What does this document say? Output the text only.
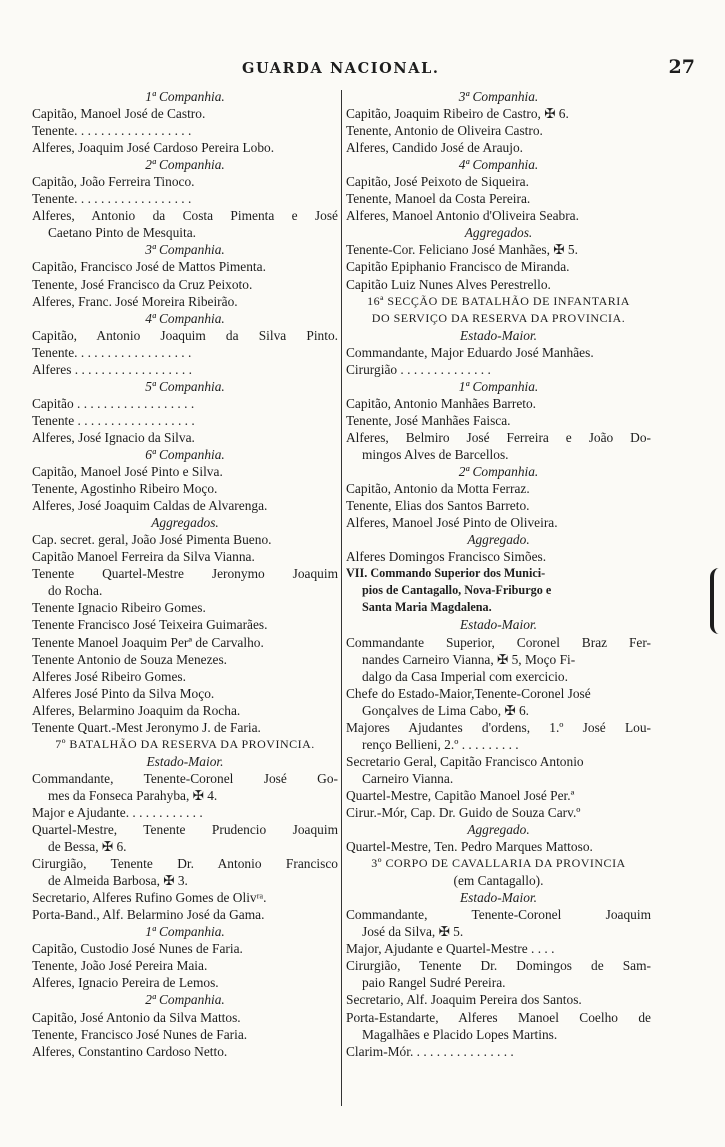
GUARDA NACIONAL.	27
1ª Companhia.
Capitão, Manoel José de Castro.
Tenente. . . . . . . . . . . . . . . . . .
Alferes, Joaquim José Cardoso Pereira Lobo.
2ª Companhia.
Capitão, João Ferreira Tinoco.
Tenente. . . . . . . . . . . . . . . . . .
Alferes, Antonio da Costa Pimenta e José
Caetano Pinto de Mesquita.
3ª Companhia.
Capitão, Francisco José de Mattos Pimenta.
Tenente, José Francisco da Cruz Peixoto.
Alferes, Franc. José Moreira Ribeirão.
4ª Companhia.
Capitão, Antonio Joaquim da Silva Pinto.
Tenente. . . . . . . . . . . . . . . . . .
Alferes . . . . . . . . . . . . . . . . . .
5ª Companhia.
Capitão . . . . . . . . . . . . . . . . . .
Tenente . . . . . . . . . . . . . . . . . .
Alferes, José Ignacio da Silva.
6ª Companhia.
Capitão, Manoel José Pinto e Silva.
Tenente, Agostinho Ribeiro Moço.
Alferes, José Joaquim Caldas de Alvarenga.
Aggregados.
Cap. secret. geral, João José Pimenta Bueno.
Capitão Manoel Ferreira da Silva Vianna.
Tenente Quartel-Mestre Jeronymo Joaquim
do Rocha.
Tenente Ignacio Ribeiro Gomes.
Tenente Francisco José Teixeira Guimarães.
Tenente Manoel Joaquim Perª de Carvalho.
Tenente Antonio de Souza Menezes.
Alferes José Ribeiro Gomes.
Alferes José Pinto da Silva Moço.
Alferes, Belarmino Joaquim da Rocha.
Tenente Quart.-Mest Jeronymo J. de Faria.
7º BATALHÃO DA RESERVA DA PROVINCIA.
Estado-Maior.
Commandante, Tenente-Coronel José Go-
mes da Fonseca Parahyba, ✠ 4.
Major e Ajudante. . . . . . . . . . . .
Quartel-Mestre, Tenente Prudencio Joaquim
de Bessa, ✠ 6.
Cirurgião, Tenente Dr. Antonio Francisco
de Almeida Barbosa, ✠ 3.
Secretario, Alferes Rufino Gomes de Olivʳᵃ.
Porta-Band., Alf. Belarmino José da Gama.
1ª Companhia.
Capitão, Custodio José Nunes de Faria.
Tenente, João José Pereira Maia.
Alferes, Ignacio Pereira de Lemos.
2ª Companhia.
Capitão, José Antonio da Silva Mattos.
Tenente, Francisco José Nunes de Faria.
Alferes, Constantino Cardoso Netto.
3ª Companhia.
Capitão, Joaquim Ribeiro de Castro, ✠ 6.
Tenente, Antonio de Oliveira Castro.
Alferes, Candido José de Araujo.
4ª Companhia.
Capitão, José Peixoto de Siqueira.
Tenente, Manoel da Costa Pereira.
Alferes, Manoel Antonio d'Oliveira Seabra.
Aggregados.
Tenente-Cor. Feliciano José Manhães, ✠ 5.
Capitão Epiphanio Francisco de Miranda.
Capitão Luiz Nunes Alves Perestrello.
16ª SECÇÃO DE BATALHÃO DE INFANTARIA
DO SERVIÇO DA RESERVA DA PROVINCIA.
Estado-Maior.
Commandante, Major Eduardo José Manhães.
Cirurgião . . . . . . . . . . . . . .
1ª Companhia.
Capitão, Antonio Manhães Barreto.
Tenente, José Manhães Faisca.
Alferes, Belmiro José Ferreira e João Do-
mingos Alves de Barcellos.
2ª Companhia.
Capitão, Antonio da Motta Ferraz.
Tenente, Elias dos Santos Barreto.
Alferes, Manoel José Pinto de Oliveira.
Aggregado.
Alferes Domingos Francisco Simões.
VII. Commando Superior dos Munici-
pios de Cantagallo, Nova-Friburgo e
Santa Maria Magdalena.
Estado-Maior.
Commandante Superior, Coronel Braz Fer-
nandes Carneiro Vianna, ✠ 5, Moço Fi-
dalgo da Casa Imperial com exercicio.
Chefe do Estado-Maior,Tenente-Coronel José
Gonçalves de Lima Cabo, ✠ 6.
Majores Ajudantes d'ordens, 1.º José Lou-
renço Bellieni, 2.º . . . . . . . . .
Secretario Geral, Capitão Francisco Antonio
Carneiro Vianna.
Quartel-Mestre, Capitão Manoel José Per.ª
Cirur.-Mór, Cap. Dr. Guido de Souza Carv.º
Aggregado.
Quartel-Mestre, Ten. Pedro Marques Mattoso.
3º CORPO DE CAVALLARIA DA PROVINCIA
(em Cantagallo).
Estado-Maior.
Commandante, Tenente-Coronel Joaquim
José da Silva, ✠ 5.
Major, Ajudante e Quartel-Mestre . . . .
Cirurgião, Tenente Dr. Domingos de Sam-
paio Rangel Sudré Pereira.
Secretario, Alf. Joaquim Pereira dos Santos.
Porta-Estandarte, Alferes Manoel Coelho de
Magalhães e Placido Lopes Martins.
Clarim-Mór. . . . . . . . . . . . . . . .
